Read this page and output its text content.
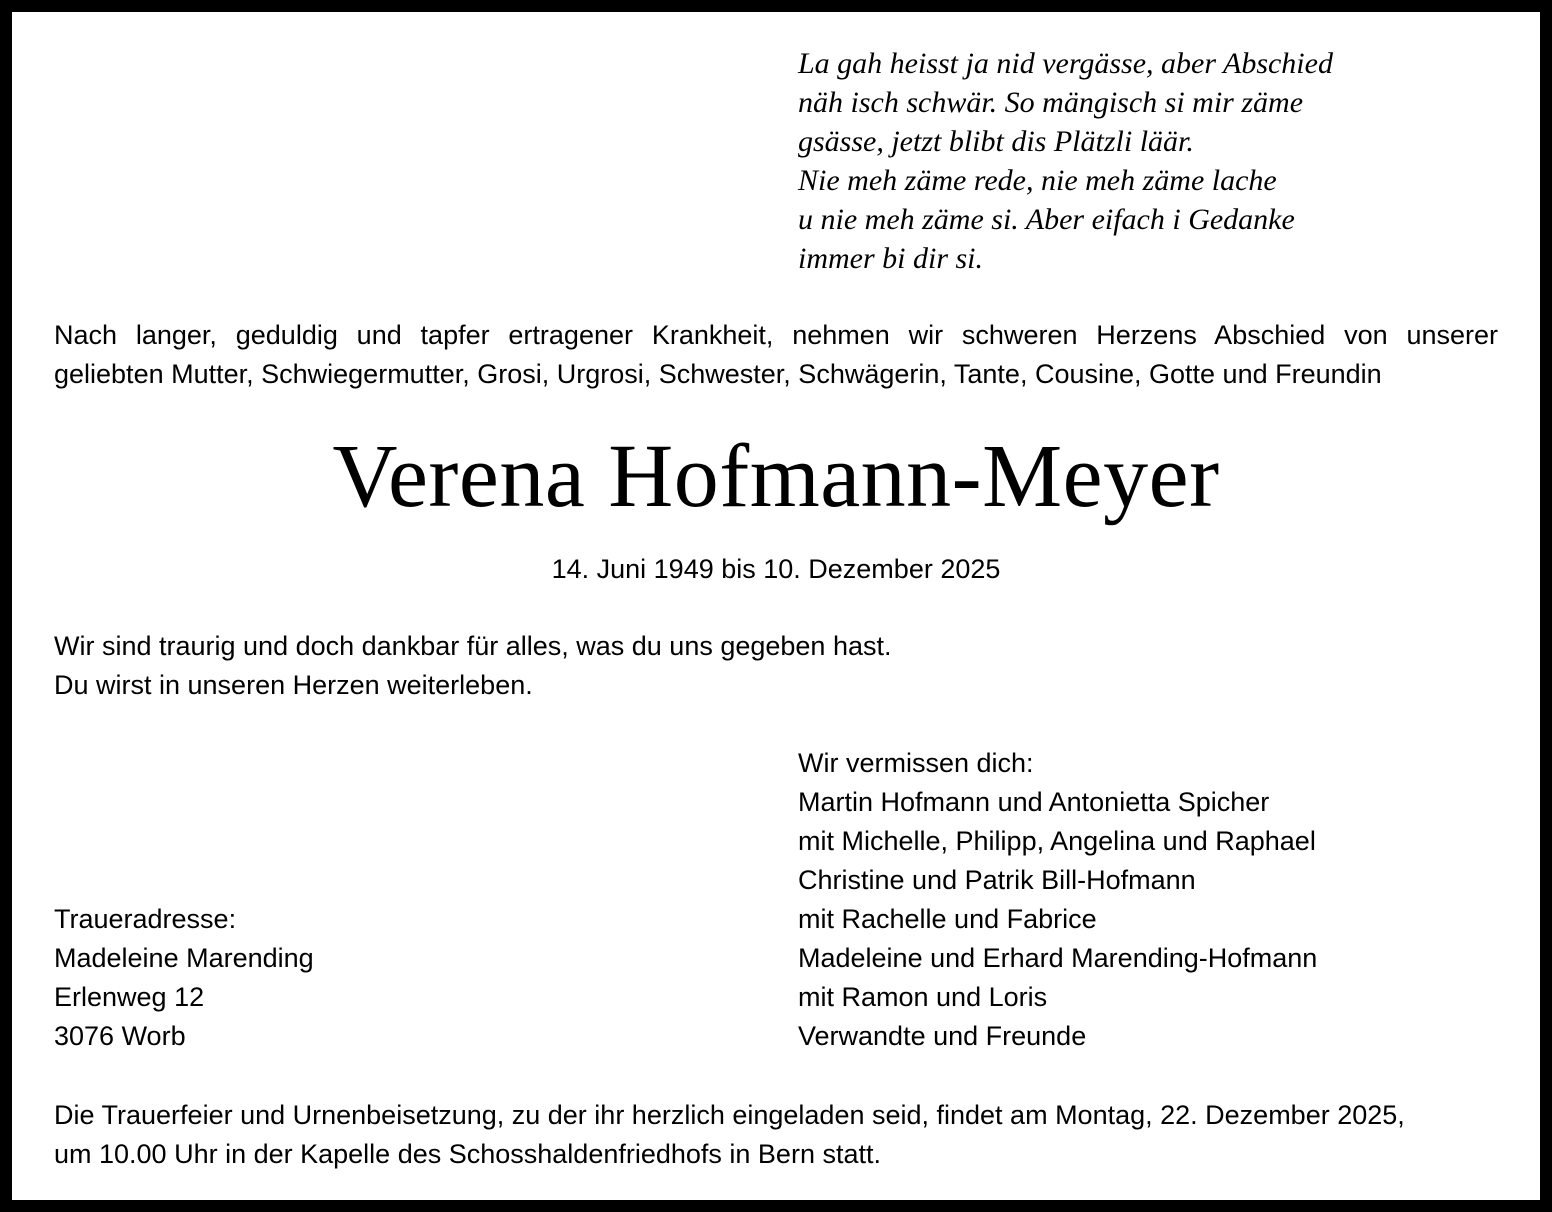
La gah heisst ja nid vergässe, aber Abschied
näh isch schwär. So mängisch si mir zäme
gsässe, jetzt blibt dis Plätzli läär.
Nie meh zäme rede, nie meh zäme lache
u nie meh zäme si. Aber eifach i Gedanke
immer bi dir si.
Nach langer, geduldig und tapfer ertragener Krankheit, nehmen wir schweren Herzens Abschied von unserer
geliebten Mutter, Schwiegermutter, Grosi, Urgrosi, Schwester, Schwägerin, Tante, Cousine, Gotte und Freundin
Verena Hofmann-Meyer
14. Juni 1949 bis 10. Dezember 2025
Wir sind traurig und doch dankbar für alles, was du uns gegeben hast.
Du wirst in unseren Herzen weiterleben.
Wir vermissen dich:
Martin Hofmann und Antonietta Spicher
mit Michelle, Philipp, Angelina und Raphael
Christine und Patrik Bill-Hofmann
mit Rachelle und Fabrice
Madeleine und Erhard Marending-Hofmann
mit Ramon und Loris
Verwandte und Freunde
Traueradresse:
Madeleine Marending
Erlenweg 12
3076 Worb
Die Trauerfeier und Urnenbeisetzung, zu der ihr herzlich eingeladen seid, findet am Montag, 22. Dezember 2025,
um 10.00 Uhr in der Kapelle des Schosshaldenfriedhofs in Bern statt.
